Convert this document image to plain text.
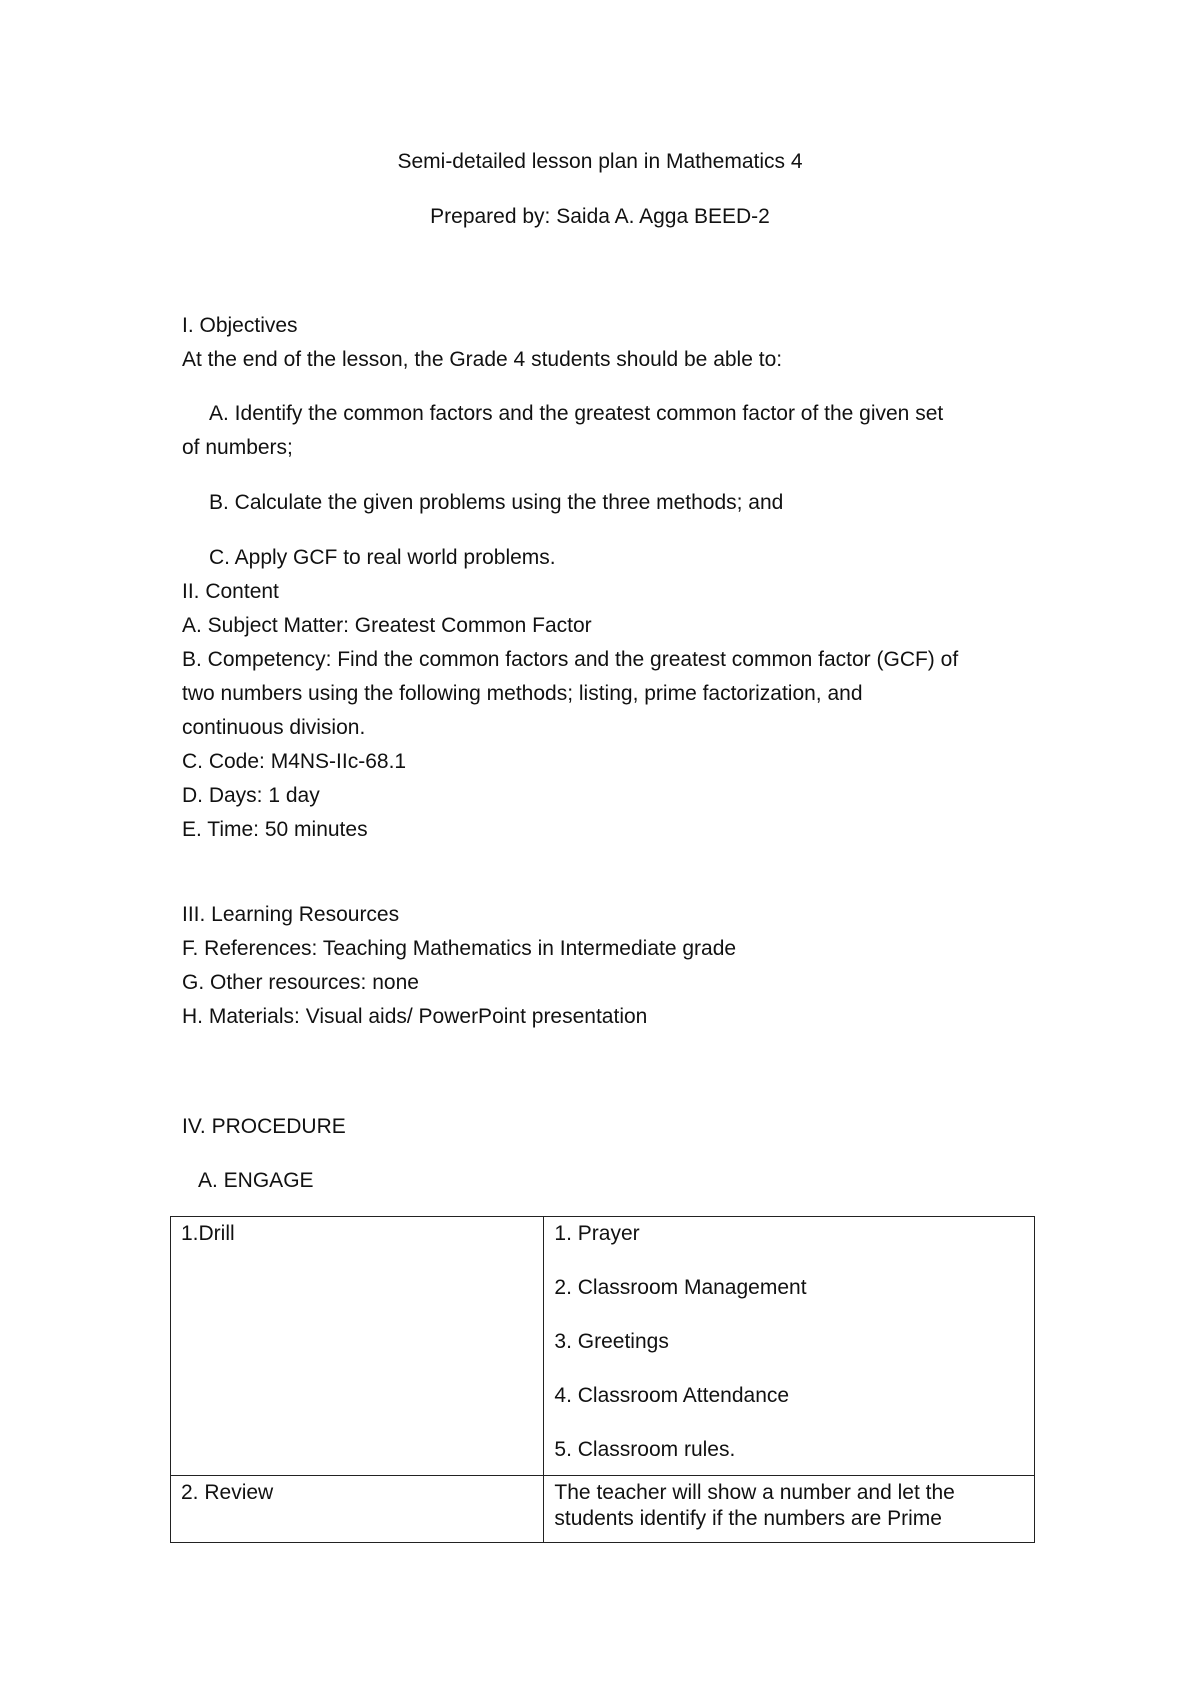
Semi-detailed lesson plan in Mathematics 4
Prepared by: Saida A. Agga BEED-2
I. Objectives
At the end of the lesson, the Grade 4 students should be able to:
A. Identify the common factors and the greatest common factor of the given set
of numbers;
B. Calculate the given problems using the three methods; and
C. Apply GCF to real world problems.
II. Content
A. Subject Matter: Greatest Common Factor
B. Competency: Find the common factors and the greatest common factor (GCF) of
two numbers using the following methods; listing, prime factorization, and
continuous division.
C. Code: M4NS-IIc-68.1
D. Days: 1 day
E. Time: 50 minutes
III. Learning Resources
F. References: Teaching Mathematics in Intermediate grade
G. Other resources: none
H. Materials: Visual aids/ PowerPoint presentation
IV. PROCEDURE
A. ENGAGE
1.Drill	1. Prayer
2. Classroom Management
3. Greetings
4. Classroom Attendance
5. Classroom rules.

2. Review	The teacher will show a number and let the
students identify if the numbers are Prime
